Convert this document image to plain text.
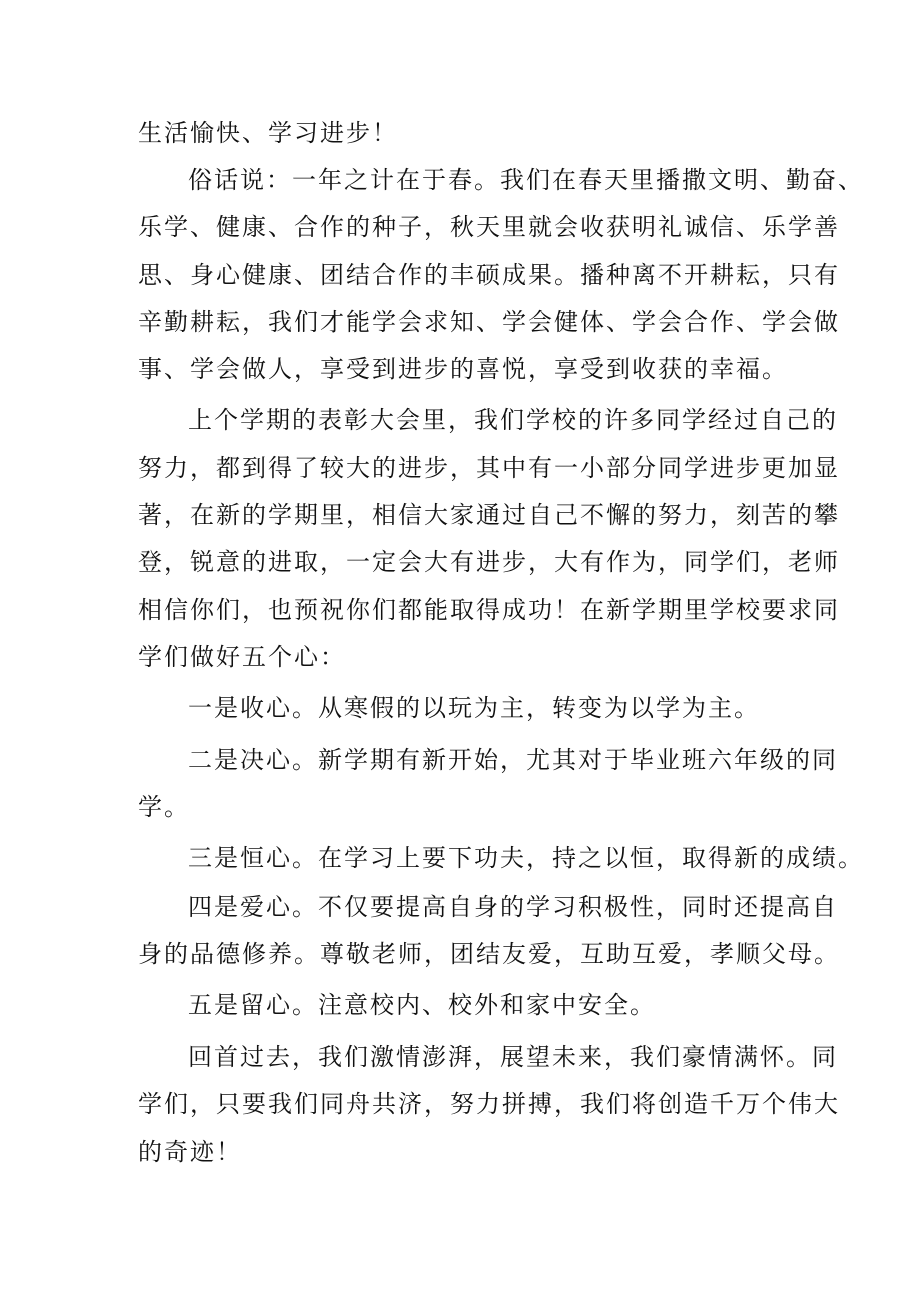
生活愉快、学习进步！
俗话说：一年之计在于春。我们在春天里播撒文明、勤奋、
乐学、健康、合作的种子，秋天里就会收获明礼诚信、乐学善
思、身心健康、团结合作的丰硕成果。播种离不开耕耘，只有
辛勤耕耘，我们才能学会求知、学会健体、学会合作、学会做
事、学会做人，享受到进步的喜悦，享受到收获的幸福。
上个学期的表彰大会里，我们学校的许多同学经过自己的
努力，都到得了较大的进步，其中有一小部分同学进步更加显
著，在新的学期里，相信大家通过自己不懈的努力，刻苦的攀
登，锐意的进取，一定会大有进步，大有作为，同学们，老师
相信你们，也预祝你们都能取得成功！在新学期里学校要求同
学们做好五个心：
一是收心。从寒假的以玩为主，转变为以学为主。
二是决心。新学期有新开始，尤其对于毕业班六年级的同
学。
三是恒心。在学习上要下功夫，持之以恒，取得新的成绩。
四是爱心。不仅要提高自身的学习积极性，同时还提高自
身的品德修养。尊敬老师，团结友爱，互助互爱，孝顺父母。
五是留心。注意校内、校外和家中安全。
回首过去，我们激情澎湃，展望未来，我们豪情满怀。同
学们，只要我们同舟共济，努力拼搏，我们将创造千万个伟大
的奇迹！
